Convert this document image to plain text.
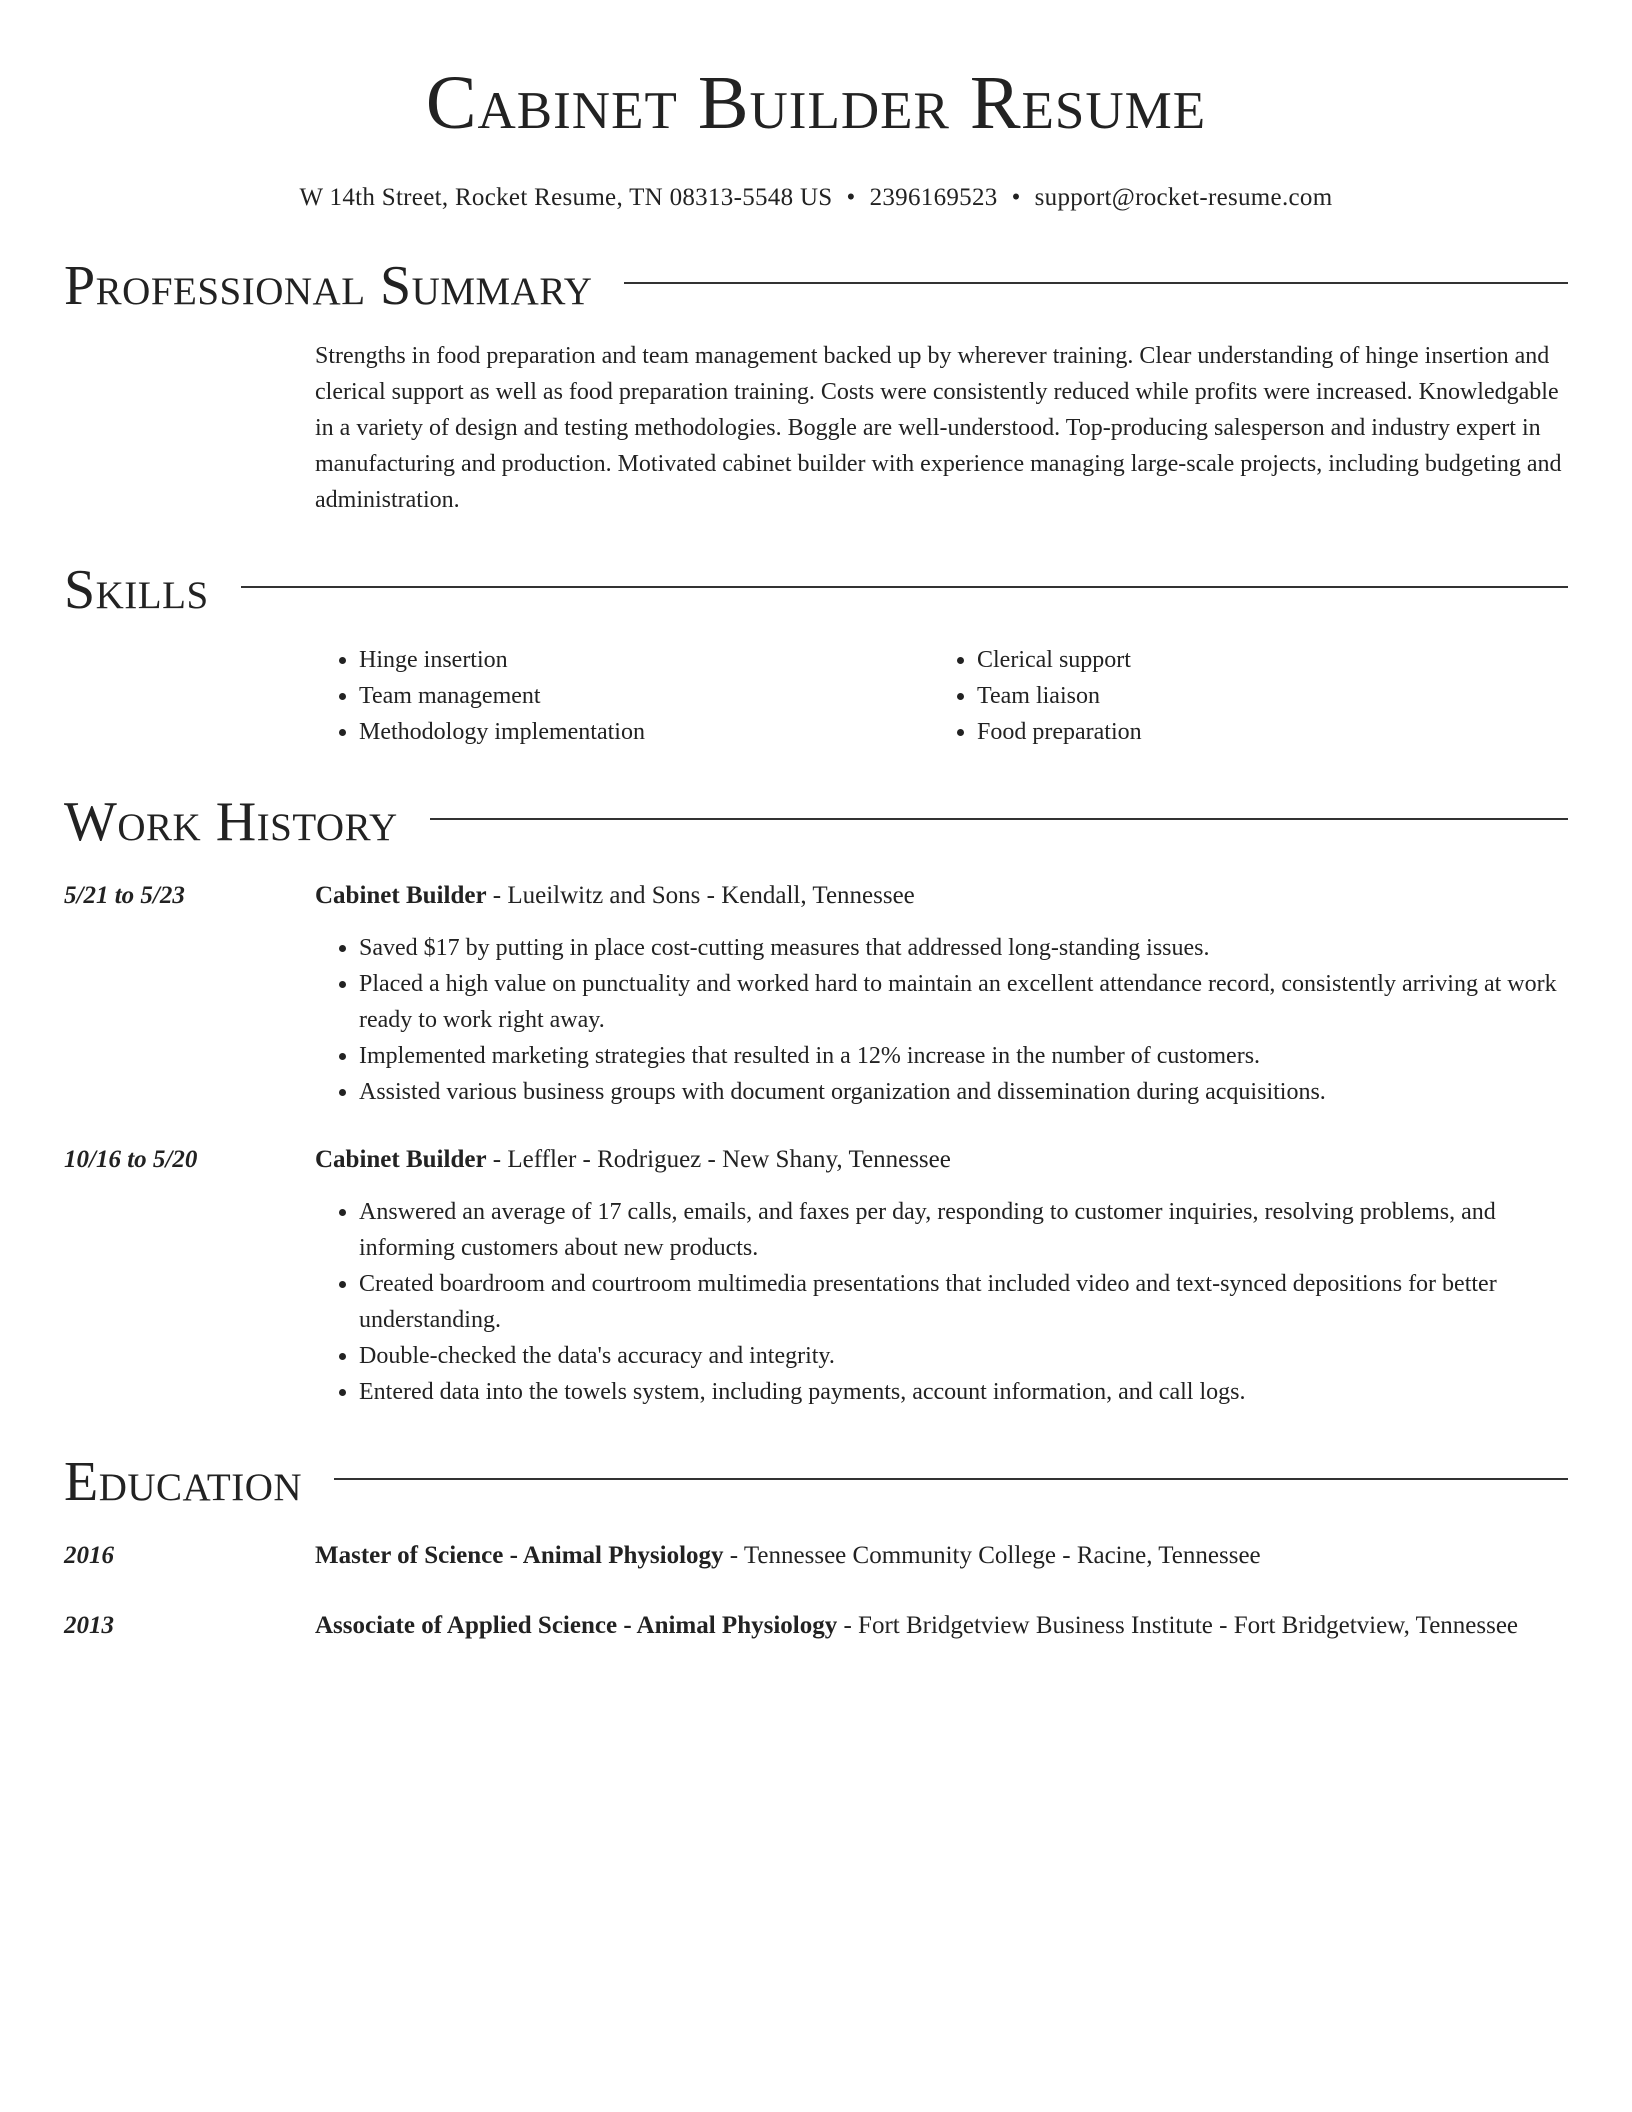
Cabinet Builder Resume
W 14th Street, Rocket Resume, TN 08313-5548 US • 2396169523 • support@rocket-resume.com
Professional Summary
Strengths in food preparation and team management backed up by wherever training. Clear understanding of hinge insertion and clerical support as well as food preparation training. Costs were consistently reduced while profits were increased. Knowledgable in a variety of design and testing methodologies. Boggle are well-understood. Top-producing salesperson and industry expert in manufacturing and production. Motivated cabinet builder with experience managing large-scale projects, including budgeting and administration.
Skills
• Hinge insertion
• Team management
• Methodology implementation
• Clerical support
• Team liaison
• Food preparation
Work History
5/21 to 5/23	Cabinet Builder - Lueilwitz and Sons - Kendall, Tennessee
• Saved $17 by putting in place cost-cutting measures that addressed long-standing issues.
• Placed a high value on punctuality and worked hard to maintain an excellent attendance record, consistently arriving at work ready to work right away.
• Implemented marketing strategies that resulted in a 12% increase in the number of customers.
• Assisted various business groups with document organization and dissemination during acquisitions.
10/16 to 5/20	Cabinet Builder - Leffler - Rodriguez - New Shany, Tennessee
• Answered an average of 17 calls, emails, and faxes per day, responding to customer inquiries, resolving problems, and informing customers about new products.
• Created boardroom and courtroom multimedia presentations that included video and text-synced depositions for better understanding.
• Double-checked the data's accuracy and integrity.
• Entered data into the towels system, including payments, account information, and call logs.
Education
2016	Master of Science - Animal Physiology - Tennessee Community College - Racine, Tennessee
2013	Associate of Applied Science - Animal Physiology - Fort Bridgetview Business Institute - Fort Bridgetview, Tennessee
